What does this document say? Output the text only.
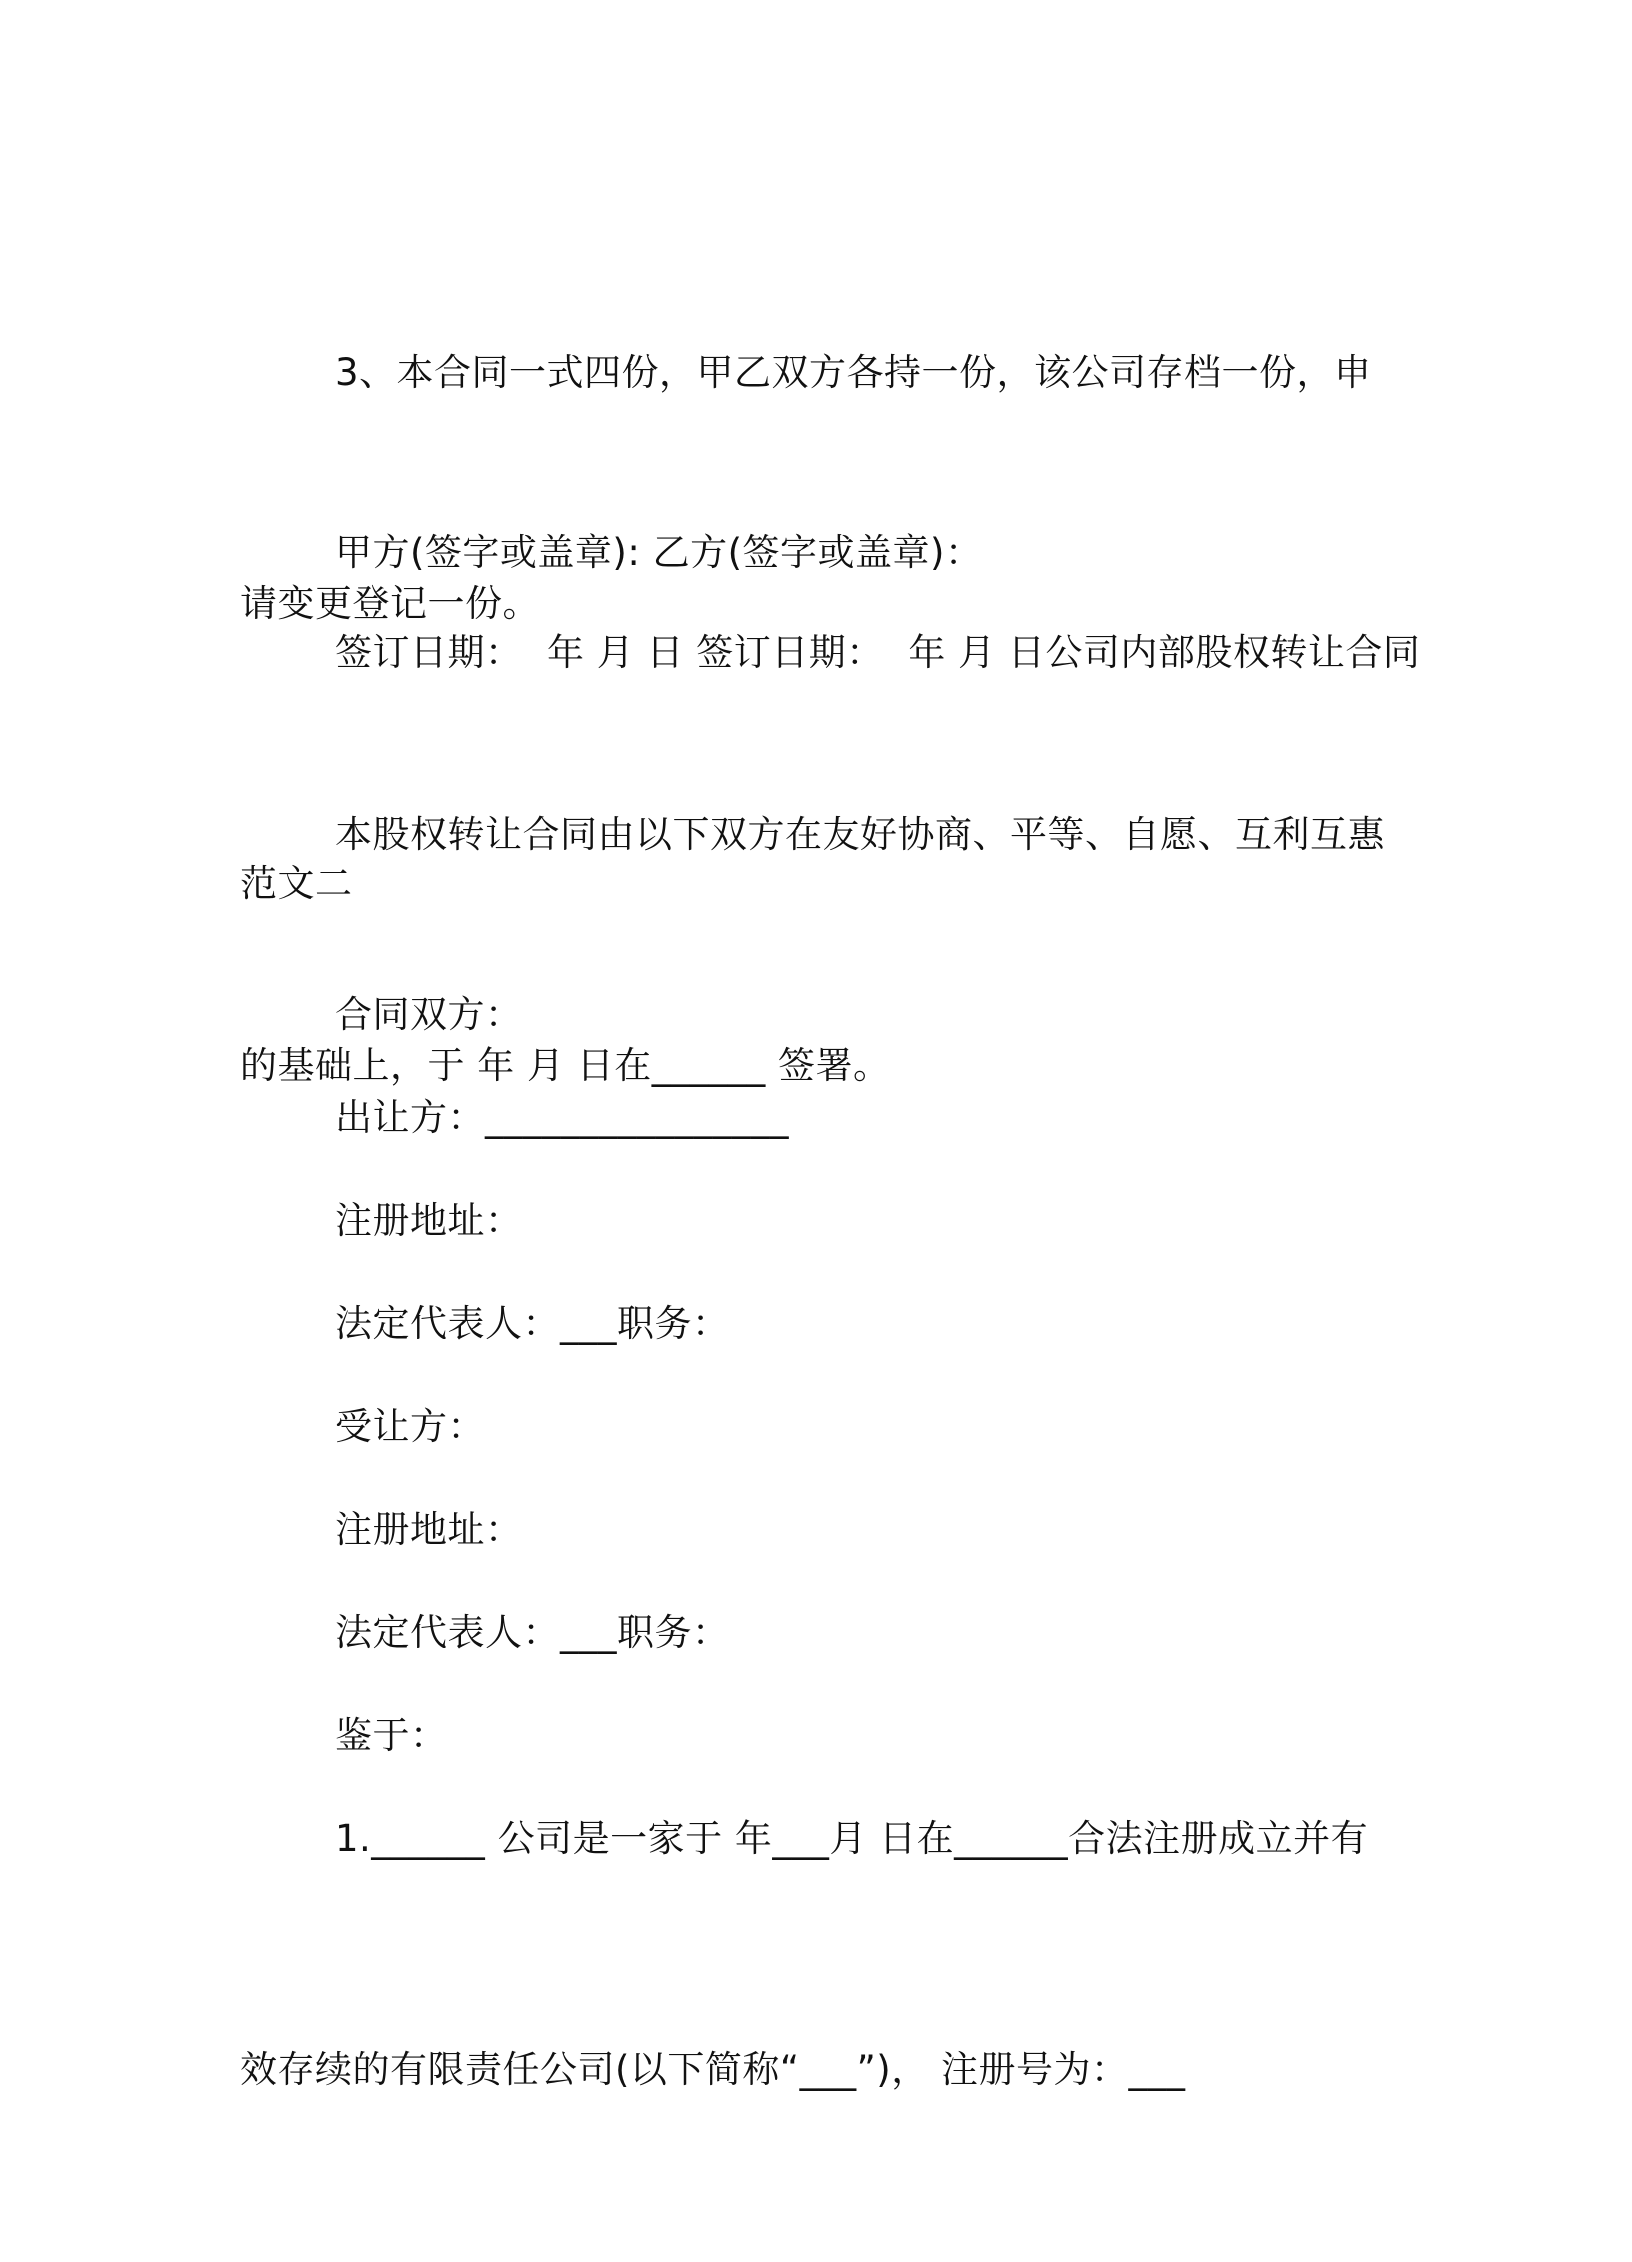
3、本合同一式四份，甲乙双方各持一份，该公司存档一份，申

请变更登记一份。

甲方(签字或盖章): 乙方(签字或盖章)：

签订日期：  年 月 日 签订日期：  年 月 日公司内部股权转让合同

范文二

本股权转让合同由以下双方在友好协商、平等、自愿、互利互惠

的基础上，于 年 月 日在______ 签署。

合同双方：

出让方：________________

注册地址：

法定代表人：___职务：

受让方：

注册地址：

法定代表人：___职务：

鉴于：

1.______ 公司是一家于 年___月 日在______合法注册成立并有

效存续的有限责任公司(以下简称“___”)， 注册号为：___
